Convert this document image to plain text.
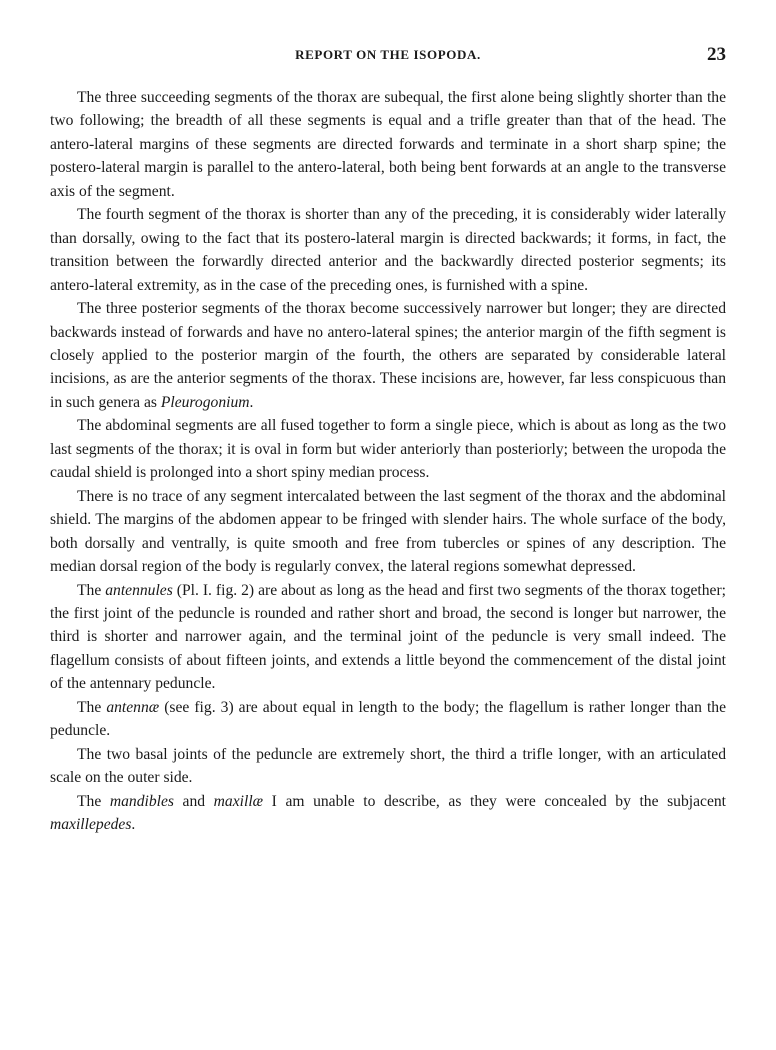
REPORT ON THE ISOPODA.	23

The three succeeding segments of the thorax are subequal, the first alone being slightly shorter than the two following; the breadth of all these segments is equal and a trifle greater than that of the head. The antero-lateral margins of these segments are directed forwards and terminate in a short sharp spine; the postero-lateral margin is parallel to the antero-lateral, both being bent forwards at an angle to the transverse axis of the segment.

The fourth segment of the thorax is shorter than any of the preceding, it is considerably wider laterally than dorsally, owing to the fact that its postero-lateral margin is directed backwards; it forms, in fact, the transition between the forwardly directed anterior and the backwardly directed posterior segments; its antero-lateral extremity, as in the case of the preceding ones, is furnished with a spine.

The three posterior segments of the thorax become successively narrower but longer; they are directed backwards instead of forwards and have no antero-lateral spines; the anterior margin of the fifth segment is closely applied to the posterior margin of the fourth, the others are separated by considerable lateral incisions, as are the anterior segments of the thorax. These incisions are, however, far less conspicuous than in such genera as Pleurogonium.

The abdominal segments are all fused together to form a single piece, which is about as long as the two last segments of the thorax; it is oval in form but wider anteriorly than posteriorly; between the uropoda the caudal shield is prolonged into a short spiny median process.

There is no trace of any segment intercalated between the last segment of the thorax and the abdominal shield. The margins of the abdomen appear to be fringed with slender hairs. The whole surface of the body, both dorsally and ventrally, is quite smooth and free from tubercles or spines of any description. The median dorsal region of the body is regularly convex, the lateral regions somewhat depressed.

The antennules (Pl. I. fig. 2) are about as long as the head and first two segments of the thorax together; the first joint of the peduncle is rounded and rather short and broad, the second is longer but narrower, the third is shorter and narrower again, and the terminal joint of the peduncle is very small indeed. The flagellum consists of about fifteen joints, and extends a little beyond the commencement of the distal joint of the antennary peduncle.

The antennæ (see fig. 3) are about equal in length to the body; the flagellum is rather longer than the peduncle.

The two basal joints of the peduncle are extremely short, the third a trifle longer, with an articulated scale on the outer side.

The mandibles and maxillæ I am unable to describe, as they were concealed by the subjacent maxillepedes.
